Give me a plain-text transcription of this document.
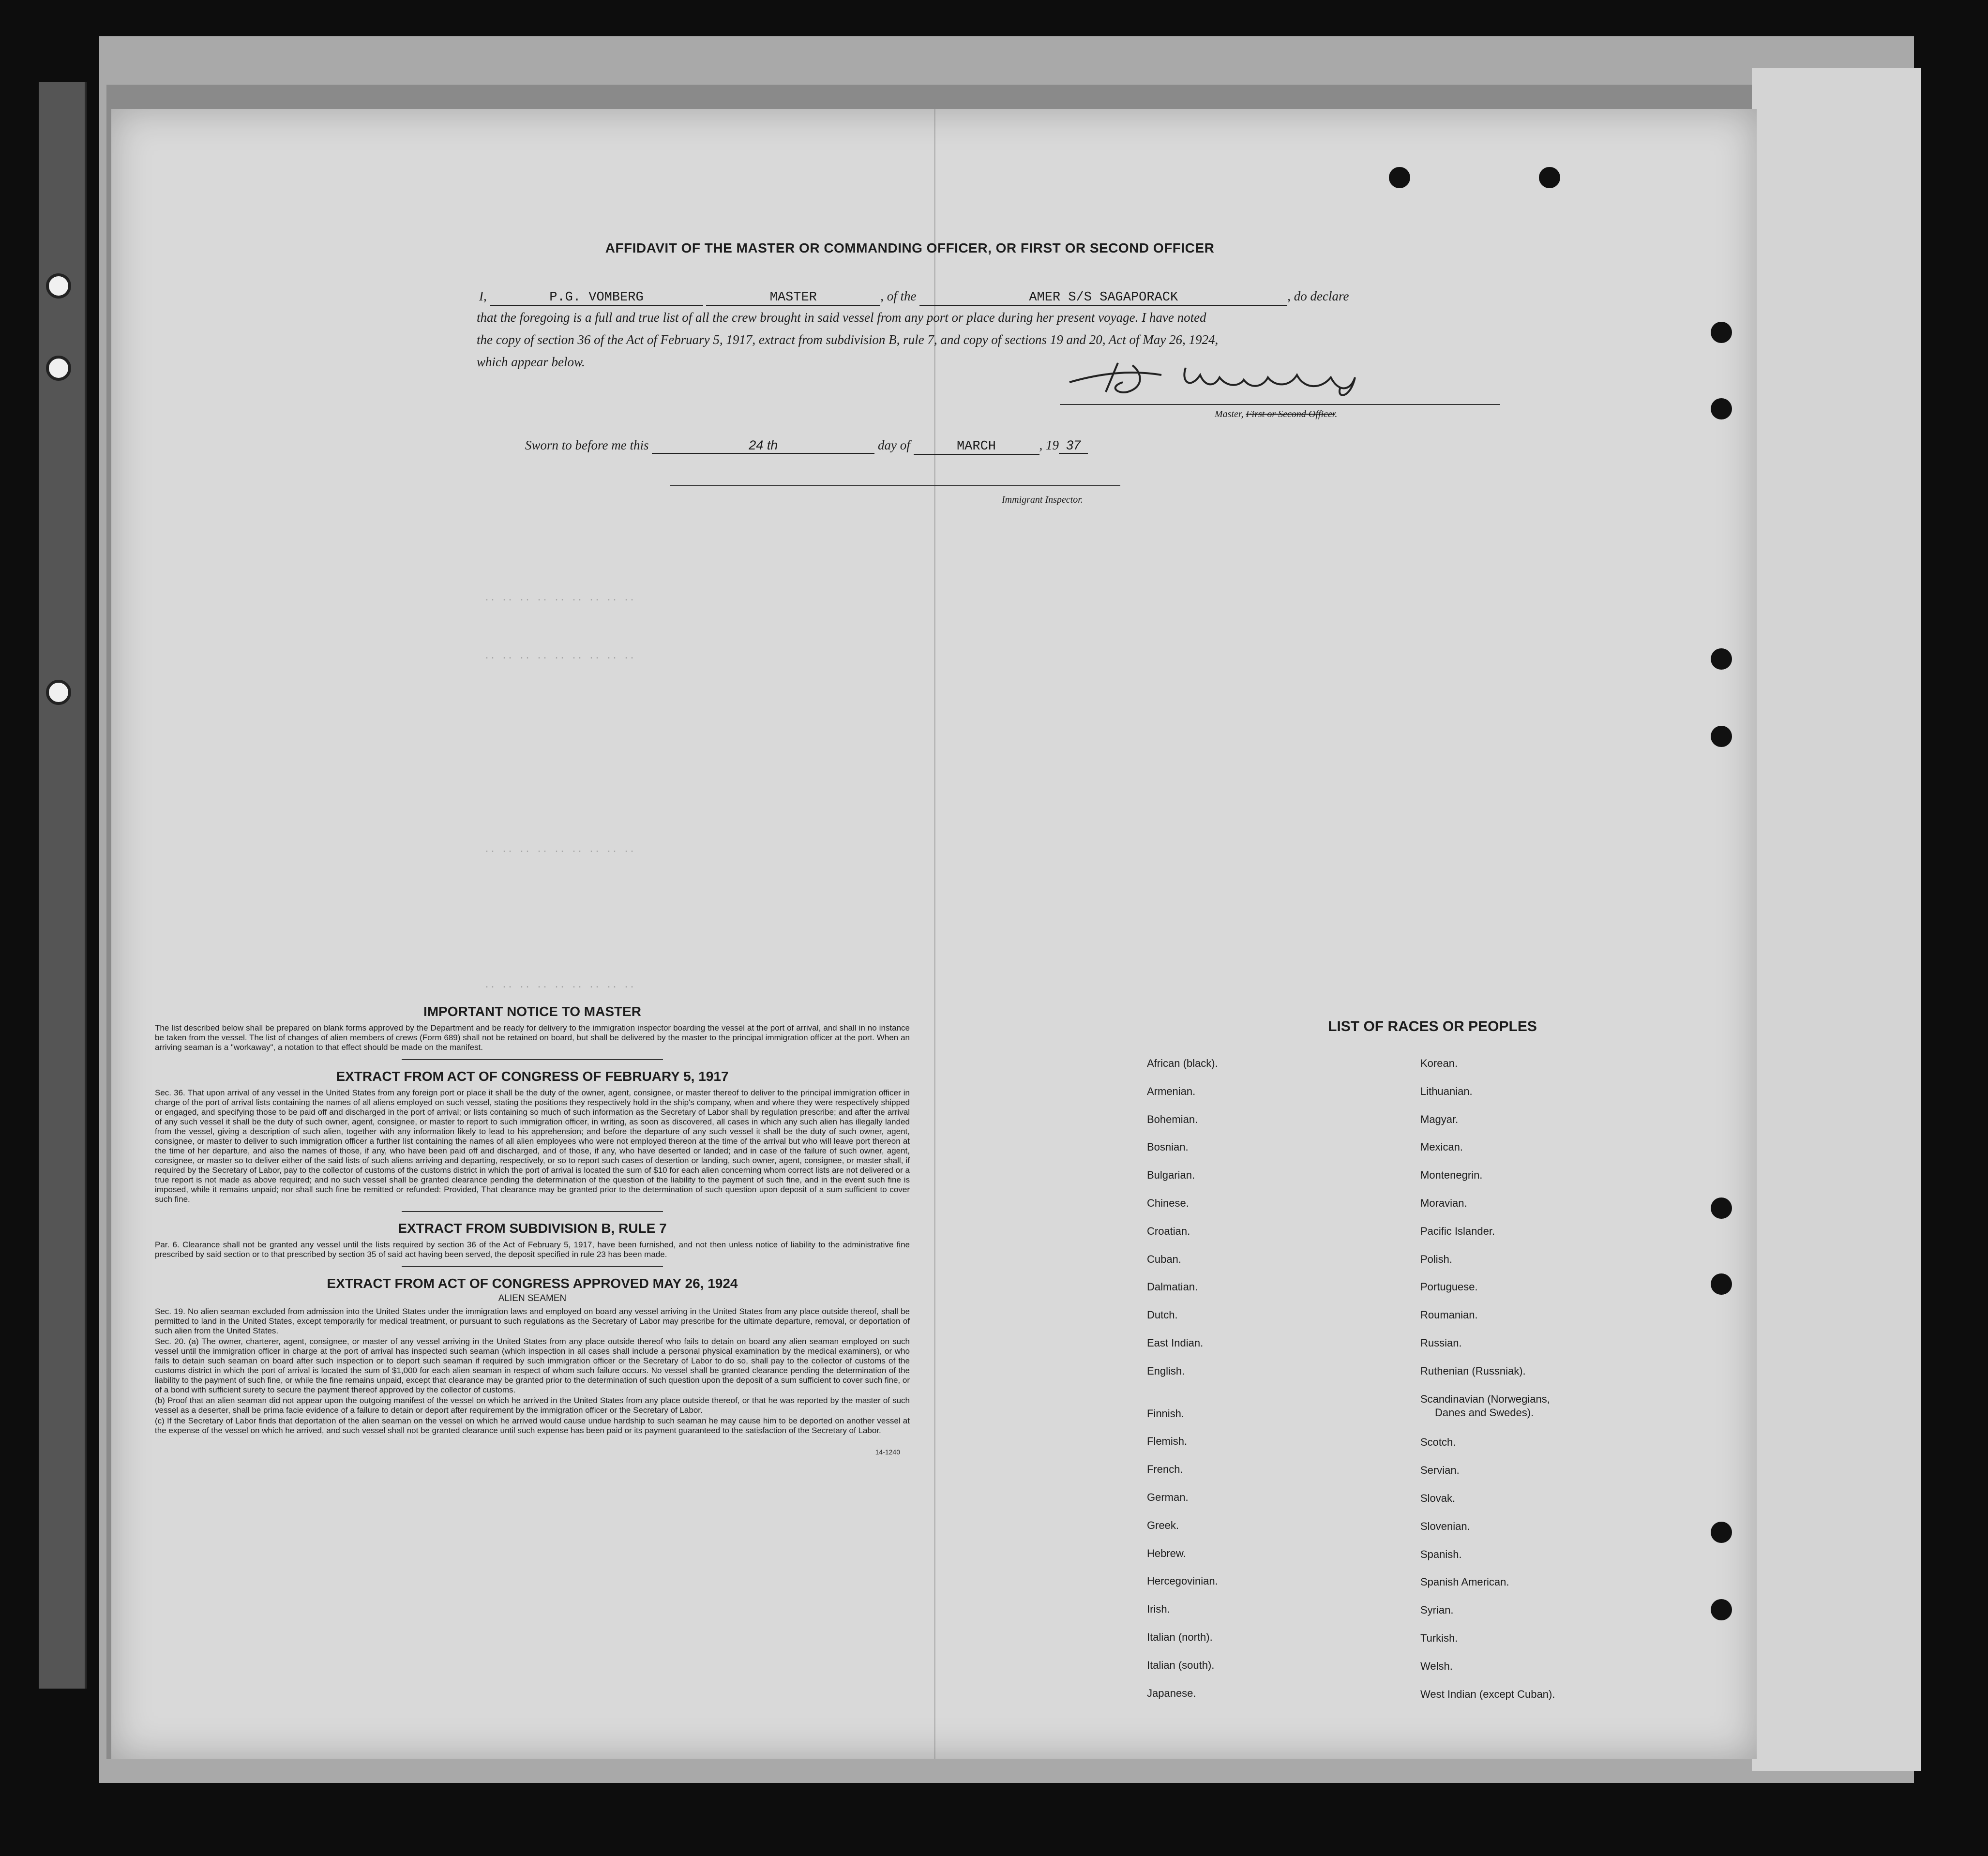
.. .. .. .. .. .. .. .. ..
.. .. .. .. .. .. .. .. ..
.. .. .. .. .. .. .. .. ..
.. .. .. .. .. .. .. .. ..
AFFIDAVIT OF THE MASTER OR COMMANDING OFFICER, OR FIRST OR SECOND OFFICER
I,	P.G. VOMBERG	MASTER	, of the	AMER S/S SAGAPORACK	, do declare
that the foregoing is a full and true list of all the crew brought in said vessel from any port or place during her present voyage. I have noted
the copy of section 36 of the Act of February 5, 1917, extract from subdivision B, rule 7, and copy of sections 19 and 20, Act of May 26, 1924,
which appear below.
Master, First or Second Officer.
Sworn to before me this	24 th	day of	MARCH	, 19 37
Immigrant Inspector.
IMPORTANT NOTICE TO MASTER
The list described below shall be prepared on blank forms approved by the Department and be ready for delivery to the immigration inspector boarding the vessel at the port of arrival, and shall in no instance be taken from the vessel. The list of changes of alien members of crews (Form 689) shall not be retained on board, but shall be delivered by the master to the principal immigration officer at the port. When an arriving seaman is a "workaway", a notation to that effect should be made on the manifest.
EXTRACT FROM ACT OF CONGRESS OF FEBRUARY 5, 1917
Sec. 36. That upon arrival of any vessel in the United States from any foreign port or place it shall be the duty of the owner, agent, consignee, or master thereof to deliver to the principal immigration officer in charge of the port of arrival lists containing the names of all aliens employed on such vessel, stating the positions they respectively hold in the ship's company, when and where they were respectively shipped or engaged, and specifying those to be paid off and discharged in the port of arrival; or lists containing so much of such information as the Secretary of Labor shall by regulation prescribe; and after the arrival of any such vessel it shall be the duty of such owner, agent, consignee, or master to report to such immigration officer, in writing, as soon as discovered, all cases in which any such alien has illegally landed from the vessel, giving a description of such alien, together with any information likely to lead to his apprehension; and before the departure of any such vessel it shall be the duty of such owner, agent, consignee, or master to deliver to such immigration officer a further list containing the names of all alien employees who were not employed thereon at the time of the arrival but who will leave port thereon at the time of her departure, and also the names of those, if any, who have been paid off and discharged, and of those, if any, who have deserted or landed; and in case of the failure of such owner, agent, consignee, or master so to deliver either of the said lists of such aliens arriving and departing, respectively, or so to report such cases of desertion or landing, such owner, agent, consignee, or master shall, if required by the Secretary of Labor, pay to the collector of customs of the customs district in which the port of arrival is located the sum of $10 for each alien concerning whom correct lists are not delivered or a true report is not made as above required; and no such vessel shall be granted clearance pending the determination of the question of the liability to the payment of such fine, and in the event such fine is imposed, while it remains unpaid; nor shall such fine be remitted or refunded: Provided, That clearance may be granted prior to the determination of such question upon deposit of a sum sufficient to cover such fine.
EXTRACT FROM SUBDIVISION B, RULE 7
Par. 6. Clearance shall not be granted any vessel until the lists required by section 36 of the Act of February 5, 1917, have been furnished, and not then unless notice of liability to the administrative fine prescribed by said section or to that prescribed by section 35 of said act having been served, the deposit specified in rule 23 has been made.
EXTRACT FROM ACT OF CONGRESS APPROVED MAY 26, 1924
ALIEN SEAMEN
Sec. 19. No alien seaman excluded from admission into the United States under the immigration laws and employed on board any vessel arriving in the United States from any place outside thereof, shall be permitted to land in the United States, except temporarily for medical treatment, or pursuant to such regulations as the Secretary of Labor may prescribe for the ultimate departure, removal, or deportation of such alien from the United States.
Sec. 20. (a) The owner, charterer, agent, consignee, or master of any vessel arriving in the United States from any place outside thereof who fails to detain on board any alien seaman employed on such vessel until the immigration officer in charge at the port of arrival has inspected such seaman (which inspection in all cases shall include a personal physical examination by the medical examiners), or who fails to detain such seaman on board after such inspection or to deport such seaman if required by such immigration officer or the Secretary of Labor to do so, shall pay to the collector of customs of the customs district in which the port of arrival is located the sum of $1,000 for each alien seaman in respect of whom such failure occurs. No vessel shall be granted clearance pending the determination of the liability to the payment of such fine, or while the fine remains unpaid, except that clearance may be granted prior to the determination of such question upon the deposit of a sum sufficient to cover such fine, or of a bond with sufficient surety to secure the payment thereof approved by the collector of customs.
(b) Proof that an alien seaman did not appear upon the outgoing manifest of the vessel on which he arrived in the United States from any place outside thereof, or that he was reported by the master of such vessel as a deserter, shall be prima facie evidence of a failure to detain or deport after requirement by the immigration officer or the Secretary of Labor.
(c) If the Secretary of Labor finds that deportation of the alien seaman on the vessel on which he arrived would cause undue hardship to such seaman he may cause him to be deported on another vessel at the expense of the vessel on which he arrived, and such vessel shall not be granted clearance until such expense has been paid or its payment guaranteed to the satisfaction of the Secretary of Labor.
14-1240
LIST OF RACES OR PEOPLES
African (black).
Armenian.
Bohemian.
Bosnian.
Bulgarian.
Chinese.
Croatian.
Cuban.
Dalmatian.
Dutch.
East Indian.
English.
Finnish.
Flemish.
French.
German.
Greek.
Hebrew.
Hercegovinian.
Irish.
Italian (north).
Italian (south).
Japanese.
Korean.
Lithuanian.
Magyar.
Mexican.
Montenegrin.
Moravian.
Pacific Islander.
Polish.
Portuguese.
Roumanian.
Russian.
Ruthenian (Russniak).
Scandinavian (Norwegians,
Danes and Swedes).
Scotch.
Servian.
Slovak.
Slovenian.
Spanish.
Spanish American.
Syrian.
Turkish.
Welsh.
West Indian (except Cuban).
